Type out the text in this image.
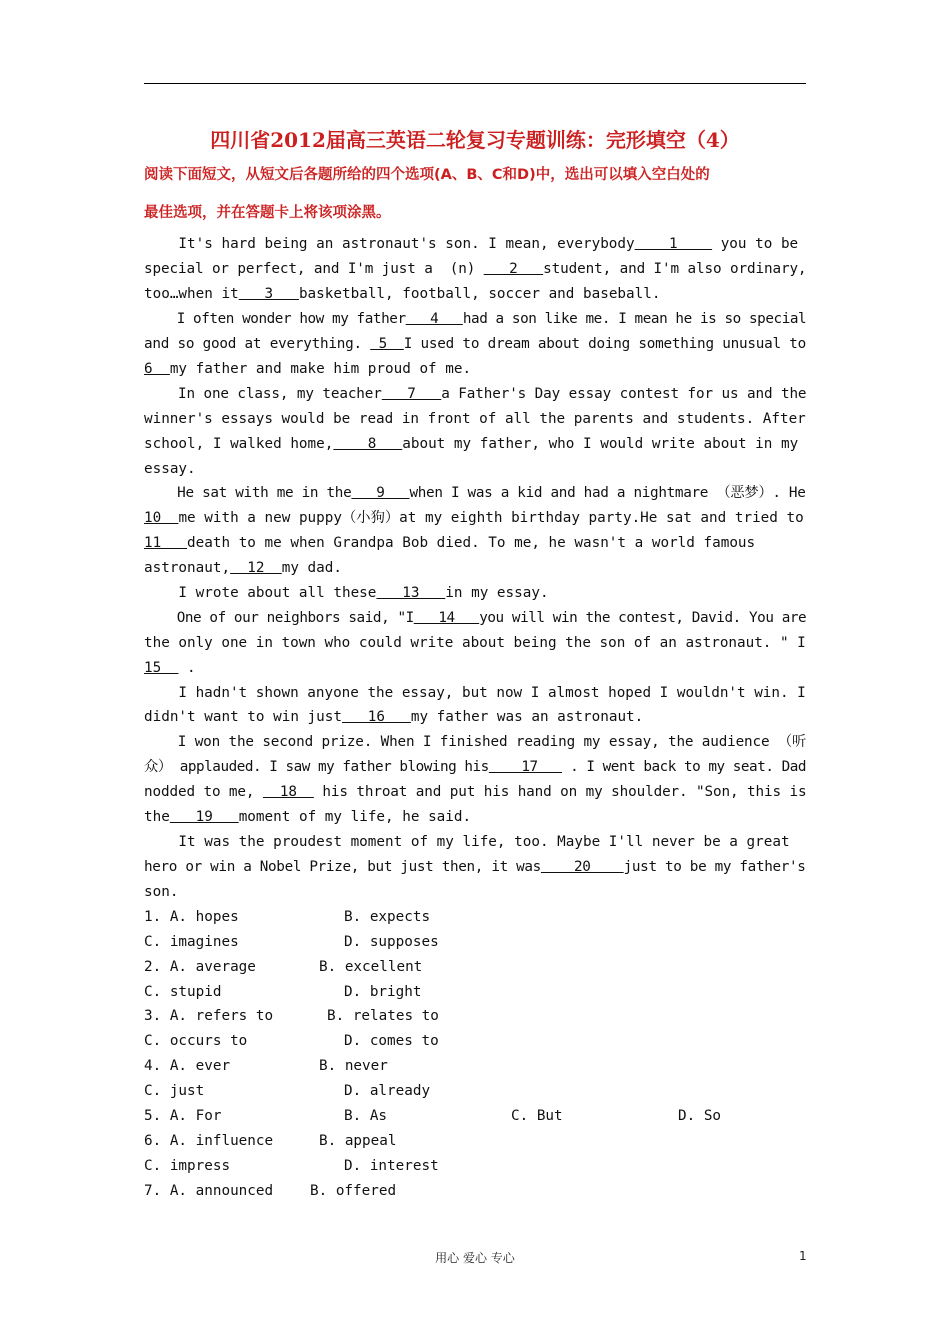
四川省2012届高三英语二轮复习专题训练：完形填空（4）
阅读下面短文，从短文后各题所给的四个选项(A、B、C和D)中，选出可以填入空白处的
最佳选项，并在答题卡上将该项涂黑。
It's hard being an astronaut's son. I mean, everybody    1     you to be
special or perfect, and I'm just a  (n)    2   student, and I'm also ordinary,
too…when it   3   basketball, football, soccer and baseball.
I often wonder how my father   4   had a son like me. I mean he is so special
and so good at everything.  5  I used to dream about doing something unusual to
6  my father and make him proud of me.
In one class, my teacher   7   a Father's Day essay contest for us and the
winner's essays would be read in front of all the parents and students. After
school, I walked home,    8   about my father, who I would write about in my
essay.
He sat with me in the   9   when I was a kid and had a nightmare （恶梦）. He
10  me with a new puppy（小狗）at my eighth birthday party.He sat and tried to
11   death to me when Grandpa Bob died. To me, he wasn't a world famous
astronaut,  12  my dad.
I wrote about all these   13   in my essay.
One of our neighbors said, "I   14   you will win the contest, David. You are
the only one in town who could write about being the son of an astronaut. " I
15   .
I hadn't shown anyone the essay, but now I almost hoped I wouldn't win. I
didn't want to win just   16   my father was an astronaut.
I won the second prize. When I finished reading my essay, the audience （听
众） applauded. I saw my father blowing his    17    . I went back to my seat. Dad
nodded to me,   18   his throat and put his hand on my shoulder. "Son, this is
the   19   moment of my life, he said.
It was the proudest moment of my life, too. Maybe I'll never be a great
hero or win a Nobel Prize, but just then, it was    20    just to be my father's
son.
1. A. hopes	B. expects
C. imagines	D. supposes
2. A. average	B. excellent
C. stupid	D. bright
3. A. refers to	B. relates to
C. occurs to	D. comes to
4. A. ever	B. never
C. just	D. already
5. A. For	B. As	C. But	D. So
6. A. influence	B. appeal
C. impress	D. interest
7. A. announced	B. offered
用心 爱心 专心	1
